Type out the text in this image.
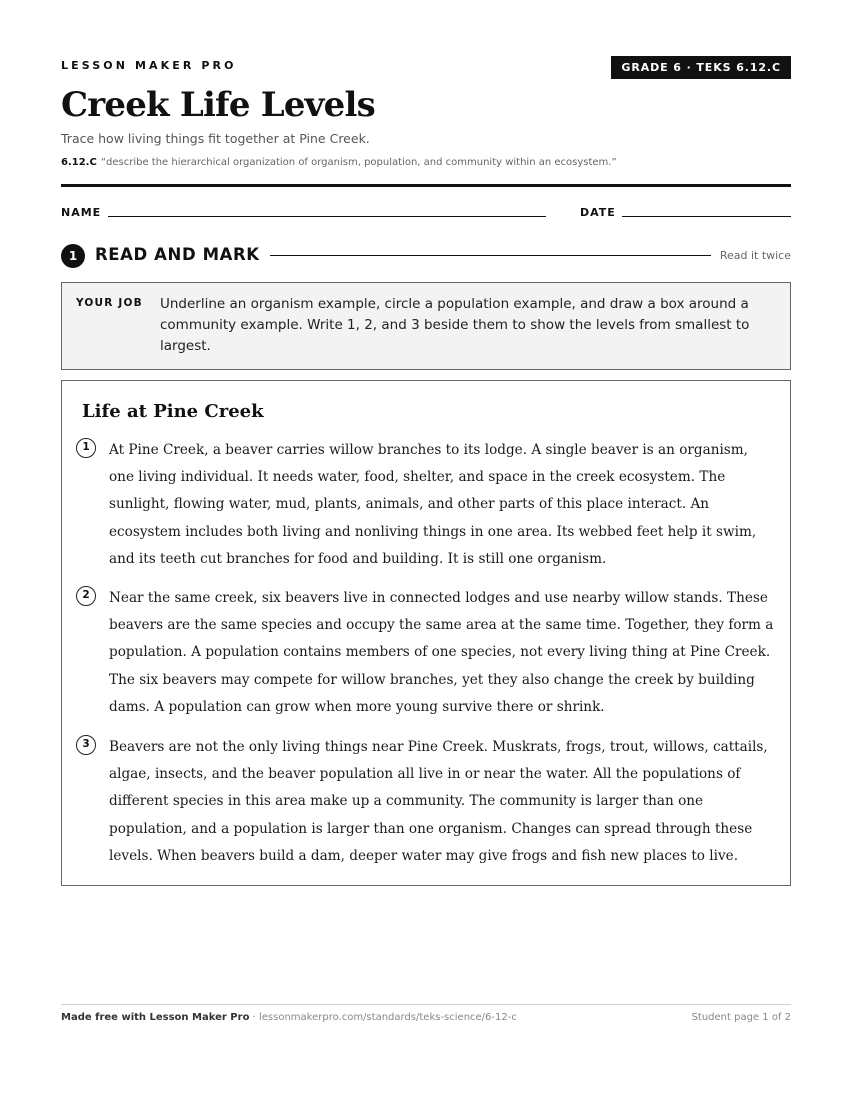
LESSON MAKER PRO	GRADE 6 · TEKS 6.12.C
Creek Life Levels
Trace how living things fit together at Pine Creek.
6.12.C “describe the hierarchical organization of organism, population, and community within an ecosystem.”
NAME	DATE
1	READ AND MARK	Read it twice
YOUR JOB Underline an organism example, circle a population example, and draw a box around a community example. Write 1, 2, and 3 beside them to show the levels from smallest to largest.
Life at Pine Creek
1	At Pine Creek, a beaver carries willow branches to its lodge. A single beaver is an organism, one living individual. It needs water, food, shelter, and space in the creek ecosystem. The sunlight, flowing water, mud, plants, animals, and other parts of this place interact. An ecosystem includes both living and nonliving things in one area. Its webbed feet help it swim, and its teeth cut branches for food and building. It is still one organism.
2	Near the same creek, six beavers live in connected lodges and use nearby willow stands. These beavers are the same species and occupy the same area at the same time. Together, they form a population. A population contains members of one species, not every living thing at Pine Creek. The six beavers may compete for willow branches, yet they also change the creek by building dams. A population can grow when more young survive there or shrink.
3	Beavers are not the only living things near Pine Creek. Muskrats, frogs, trout, willows, cattails, algae, insects, and the beaver population all live in or near the water. All the populations of different species in this area make up a community. The community is larger than one population, and a population is larger than one organism. Changes can spread through these levels. When beavers build a dam, deeper water may give frogs and fish new places to live.
Made free with Lesson Maker Pro · lessonmakerpro.com/standards/teks-science/6-12-c	Student page 1 of 2
